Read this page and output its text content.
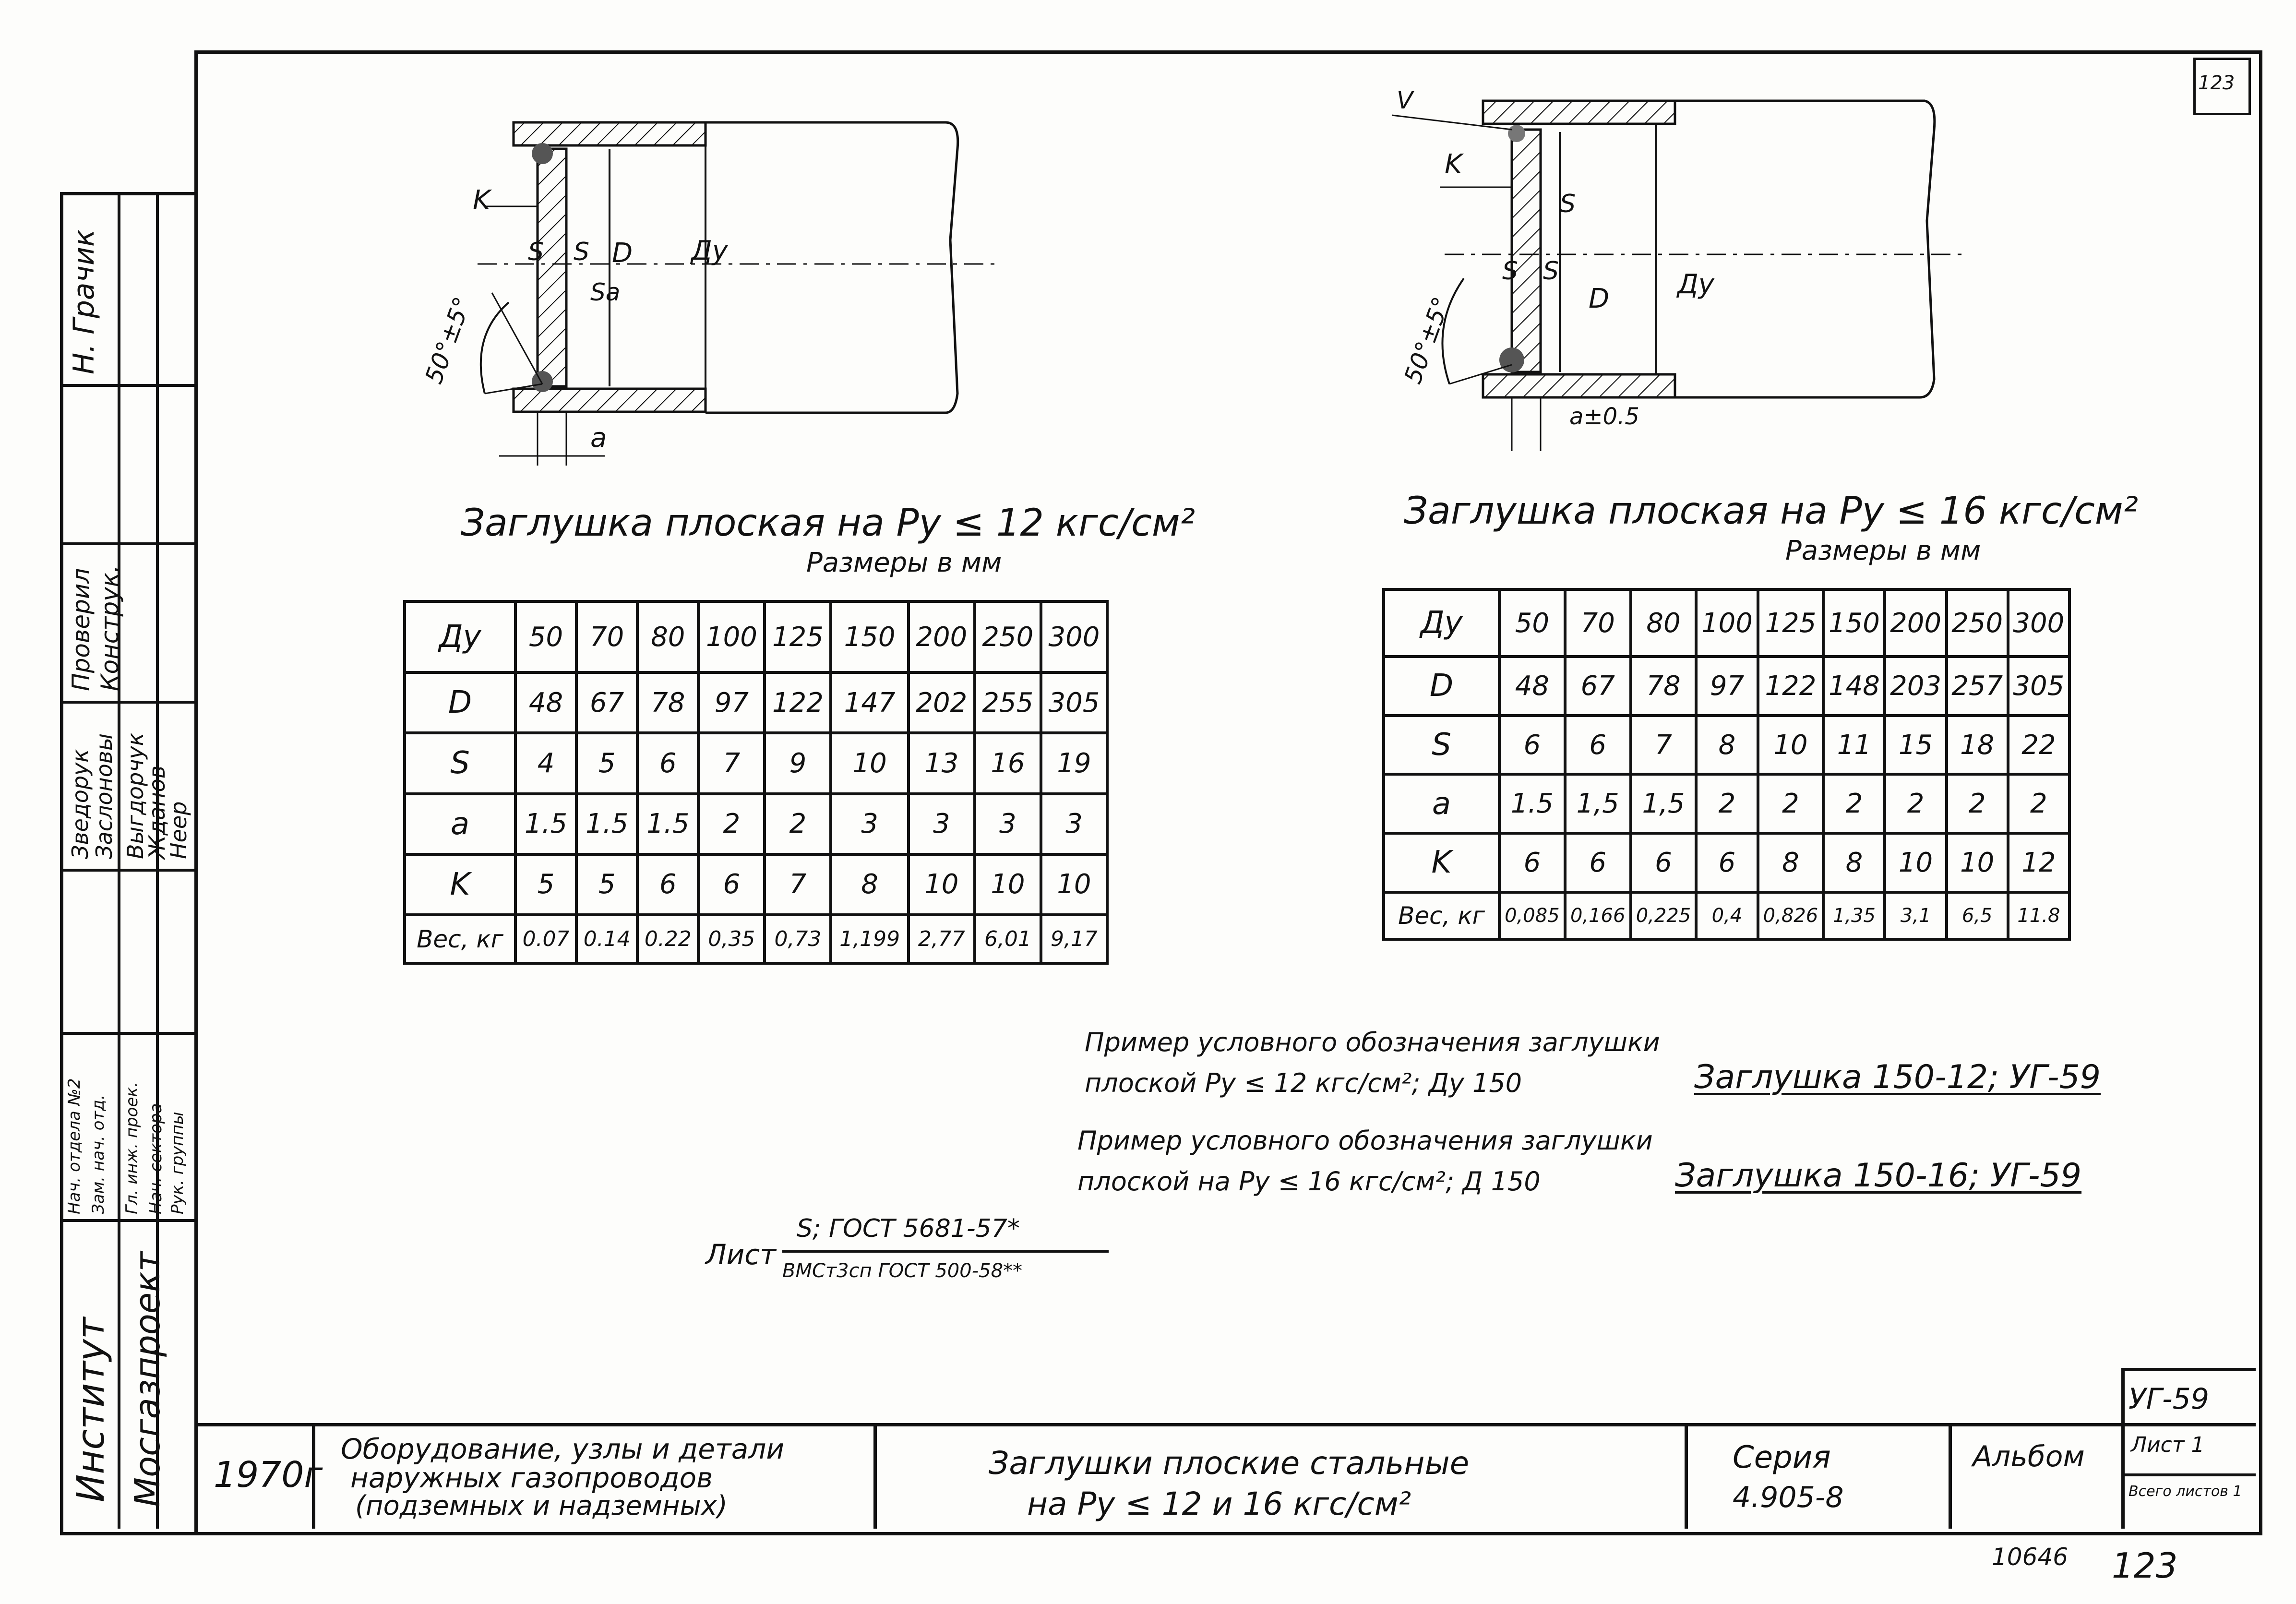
123
Институт Мосгазпроект
Нач. отдела №2 Зам. нач. отд. Гл. инж. проек. Нач. сектора Рук. группы
Зведорук
Заслоновы Выгдорчук
Жданов
Неер
Проверил Конструк.
Н. Грачик
K
S S D
Sa
Ду
50°±5°
a
V
K
S
S S
D	Ду
50°±5°
a±0.5
Заглушка плоская на Pу ≤ 12 кгс/см²
Размеры в мм
Заглушка плоская на Pу ≤ 16 кгс/см²
Размеры в мм
Ду	50	70	80	100	125	150	200	250	300
D	48	67	78	97	122	147	202	255	305
S	4	5	6	7	9	10	13	16	19
a	1.5	1.5	1.5	2	2	3	3	3	3
K	5	5	6	6	7	8	10	10	10
Вес, кг	0.07	0.14	0.22	0,35	0,73	1,199	2,77	6,01	9,17
Ду	50	70	80	100	125	150	200	250	300
D	48	67	78	97	122	148	203	257	305
S	6	6	7	8	10	11	15	18	22
a	1.5	1,5	1,5	2	2	2	2	2	2
K	6	6	6	6	8	8	10	10	12
Вес, кг	0,085	0,166	0,225	0,4	0,826	1,35	3,1	6,5	11.8
Пример условного обозначения заглушки
плоской Pу ≤ 12 кгс/см²; Ду 150	Заглушка 150-12; УГ-59
Пример условного обозначения заглушки
плоской на Pу ≤ 16 кгс/см²; Д 150	Заглушка 150-16; УГ-59
Лист
S; ГОСТ 5681-57*
ВМСт3сп ГОСТ 500-58**
1970г
Оборудование, узлы и детали
наружных газопроводов
(подземных и надземных)
Заглушки плоские стальные
на Pу ≤ 12 и 16 кгс/см²
Серия
4.905-8
Альбом Лист 1
Всего листов 1
УГ-59
10646 123
